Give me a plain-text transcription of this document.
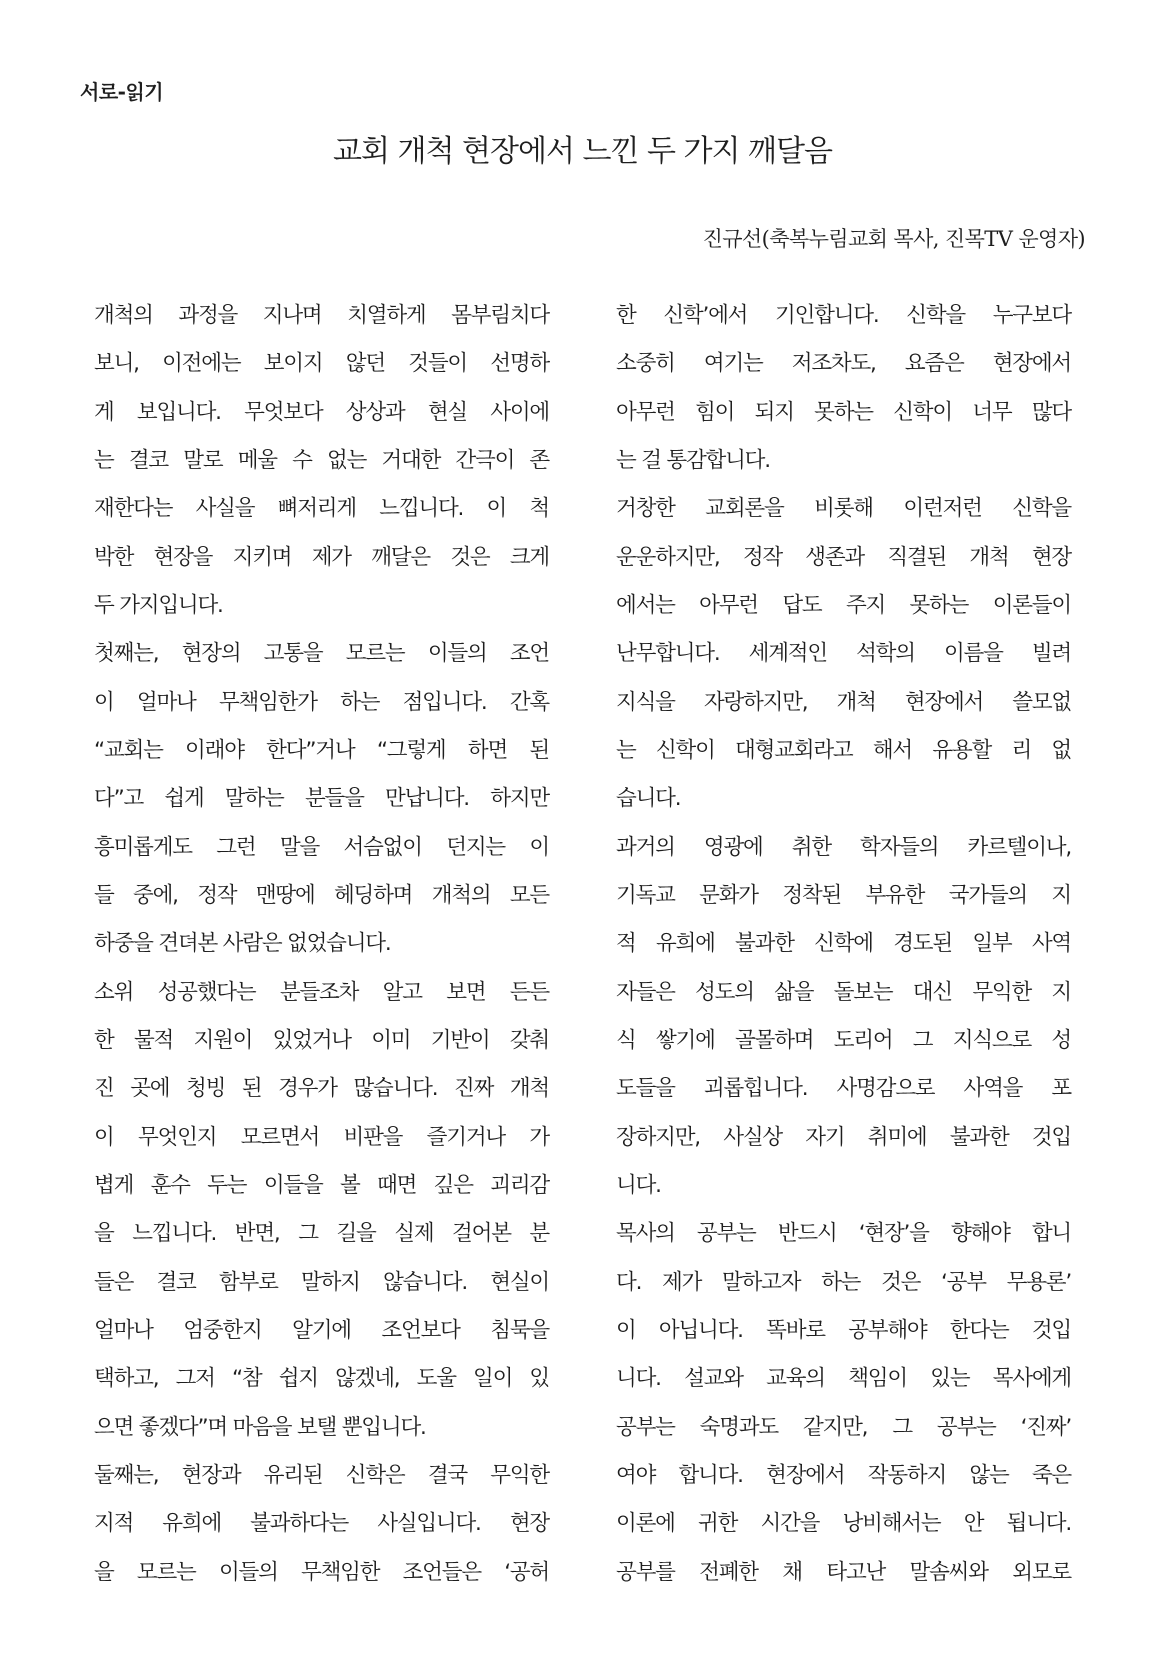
서로-읽기
교회 개척 현장에서 느낀 두 가지 깨달음
진규선(축복누림교회 목사, 진목TV 운영자)
개척의 과정을 지나며 치열하게 몸부림치다
보니, 이전에는 보이지 않던 것들이 선명하
게 보입니다. 무엇보다 상상과 현실 사이에
는 결코 말로 메울 수 없는 거대한 간극이 존
재한다는 사실을 뼈저리게 느낍니다. 이 척
박한 현장을 지키며 제가 깨달은 것은 크게
두 가지입니다.
첫째는, 현장의 고통을 모르는 이들의 조언
이 얼마나 무책임한가 하는 점입니다. 간혹
“교회는 이래야 한다”거나 “그렇게 하면 된
다”고 쉽게 말하는 분들을 만납니다. 하지만
흥미롭게도 그런 말을 서슴없이 던지는 이
들 중에, 정작 맨땅에 헤딩하며 개척의 모든
하중을 견뎌본 사람은 없었습니다.
소위 성공했다는 분들조차 알고 보면 든든
한 물적 지원이 있었거나 이미 기반이 갖춰
진 곳에 청빙 된 경우가 많습니다. 진짜 개척
이 무엇인지 모르면서 비판을 즐기거나 가
볍게 훈수 두는 이들을 볼 때면 깊은 괴리감
을 느낍니다. 반면, 그 길을 실제 걸어본 분
들은 결코 함부로 말하지 않습니다. 현실이
얼마나 엄중한지 알기에 조언보다 침묵을
택하고, 그저 “참 쉽지 않겠네, 도울 일이 있
으면 좋겠다”며 마음을 보탤 뿐입니다.
둘째는, 현장과 유리된 신학은 결국 무익한
지적 유희에 불과하다는 사실입니다. 현장
을 모르는 이들의 무책임한 조언들은 ‘공허
한 신학’에서 기인합니다. 신학을 누구보다
소중히 여기는 저조차도, 요즘은 현장에서
아무런 힘이 되지 못하는 신학이 너무 많다
는 걸 통감합니다.
거창한 교회론을 비롯해 이런저런 신학을
운운하지만, 정작 생존과 직결된 개척 현장
에서는 아무런 답도 주지 못하는 이론들이
난무합니다. 세계적인 석학의 이름을 빌려
지식을 자랑하지만, 개척 현장에서 쓸모없
는 신학이 대형교회라고 해서 유용할 리 없
습니다.
과거의 영광에 취한 학자들의 카르텔이나,
기독교 문화가 정착된 부유한 국가들의 지
적 유희에 불과한 신학에 경도된 일부 사역
자들은 성도의 삶을 돌보는 대신 무익한 지
식 쌓기에 골몰하며 도리어 그 지식으로 성
도들을 괴롭힙니다. 사명감으로 사역을 포
장하지만, 사실상 자기 취미에 불과한 것입
니다.
목사의 공부는 반드시 ‘현장’을 향해야 합니
다. 제가 말하고자 하는 것은 ‘공부 무용론’
이 아닙니다. 똑바로 공부해야 한다는 것입
니다. 설교와 교육의 책임이 있는 목사에게
공부는 숙명과도 같지만, 그 공부는 ‘진짜’
여야 합니다. 현장에서 작동하지 않는 죽은
이론에 귀한 시간을 낭비해서는 안 됩니다.
공부를 전폐한 채 타고난 말솜씨와 외모로
